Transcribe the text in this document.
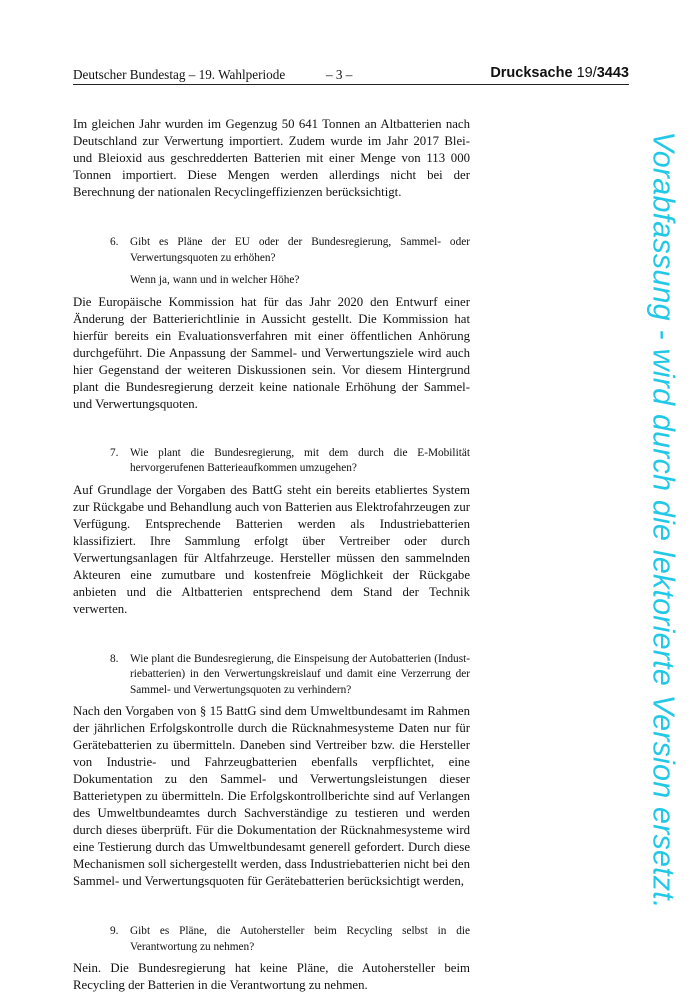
Deutscher Bundestag – 19. Wahlperiode	– 3 –	Drucksache 19/3443

Im gleichen Jahr wurden im Gegenzug 50 641 Tonnen an Altbatterien nach Deutschland zur Verwertung importiert. Zudem wurde im Jahr 2017 Blei- und Bleioxid aus geschredderten Batterien mit einer Menge von 113 000 Tonnen importiert. Diese Mengen werden allerdings nicht bei der Berechnung der nationalen Recyclingeffizienzen berücksichtigt.

6.	Gibt es Pläne der EU oder der Bundesregierung, Sammel- oder Verwertungsquoten zu erhöhen?
Wenn ja, wann und in welcher Höhe?

Die Europäische Kommission hat für das Jahr 2020 den Entwurf einer Änderung der Batterierichtlinie in Aussicht gestellt. Die Kommission hat hierfür bereits ein Evaluationsverfahren mit einer öffentlichen Anhörung durchgeführt. Die Anpassung der Sammel- und Verwertungsziele wird auch hier Gegenstand der weiteren Diskussionen sein. Vor diesem Hintergrund plant die Bundesregierung derzeit keine nationale Erhöhung der Sammel- und Verwertungsquoten.

7.	Wie plant die Bundesregierung, mit dem durch die E-Mobilität hervorgerufenen Batterieaufkommen umzugehen?

Auf Grundlage der Vorgaben des BattG steht ein bereits etabliertes System zur Rückgabe und Behandlung auch von Batterien aus Elektrofahrzeugen zur Verfügung. Entsprechende Batterien werden als Industriebatterien klassifiziert. Ihre Sammlung erfolgt über Vertreiber oder durch Verwertungsanlagen für Altfahrzeuge. Hersteller müssen den sammelnden Akteuren eine zumutbare und kostenfreie Möglichkeit der Rückgabe anbieten und die Altbatterien entsprechend dem Stand der Technik verwerten.

8.	Wie plant die Bundesregierung, die Einspeisung der Autobatterien (Industriebatterien) in den Verwertungskreislauf und damit eine Verzerrung der Sammel- und Verwertungsquoten zu verhindern?

Nach den Vorgaben von § 15 BattG sind dem Umweltbundesamt im Rahmen der jährlichen Erfolgskontrolle durch die Rücknahmesysteme Daten nur für Gerätebatterien zu übermitteln. Daneben sind Vertreiber bzw. die Hersteller von Industrie- und Fahrzeugbatterien ebenfalls verpflichtet, eine Dokumentation zu den Sammel- und Verwertungsleistungen dieser Batterietypen zu übermitteln. Die Erfolgskontrollberichte sind auf Verlangen des Umweltbundeamtes durch Sachverständige zu testieren und werden durch dieses überprüft. Für die Dokumentation der Rücknahmesysteme wird eine Testierung durch das Umweltbundesamt generell gefordert. Durch diese Mechanismen soll sichergestellt werden, dass Industriebatterien nicht bei den Sammel- und Verwertungsquoten für Gerätebatterien berücksichtigt werden,

9.	Gibt es Pläne, die Autohersteller beim Recycling selbst in die Verantwortung zu nehmen?

Nein. Die Bundesregierung hat keine Pläne, die Autohersteller beim Recycling der Batterien in die Verantwortung zu nehmen.

Vorabfassung - wird durch die lektorierte Version ersetzt.
